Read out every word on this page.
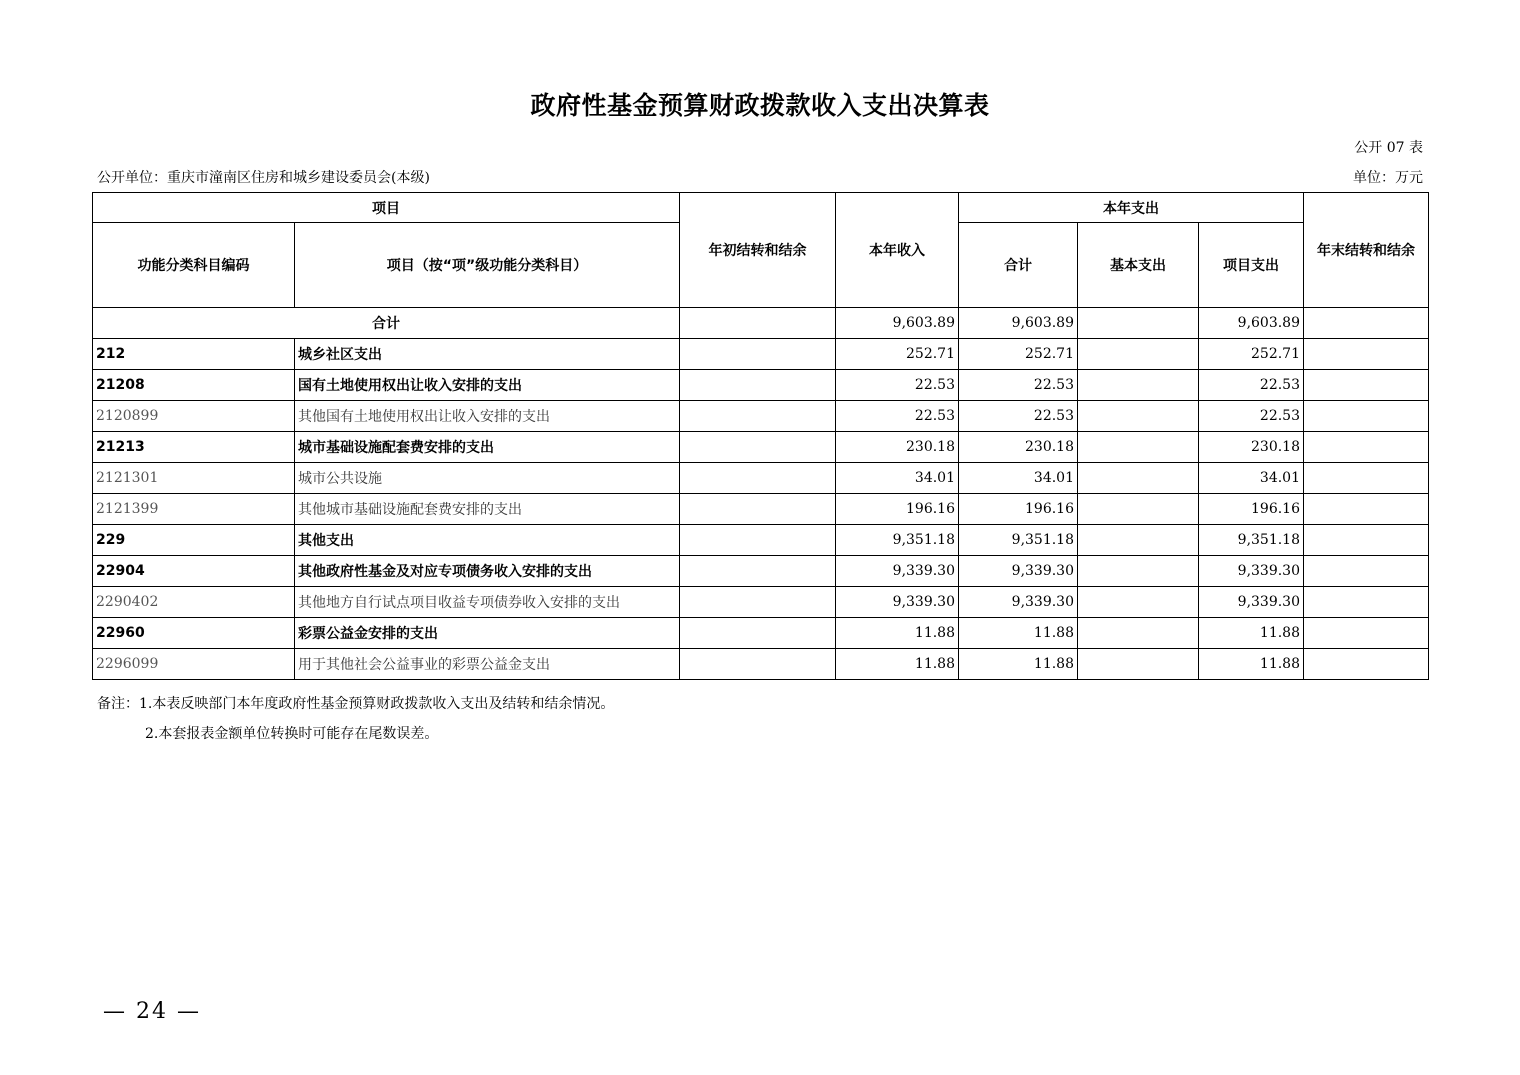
政府性基金预算财政拨款收入支出决算表
公开 07 表
公开单位：重庆市潼南区住房和城乡建设委员会(本级)	单位：万元
项目		年初结转和结余	本年收入	本年支出			年末结转和结余
功能分类科目编码	项目（按“项”级功能分类科目）			合计	基本支出	项目支出	
合计			9,603.89	9,603.89		9,603.89	
212	城乡社区支出		252.71	252.71		252.71	
21208	国有土地使用权出让收入安排的支出		22.53	22.53		22.53	
2120899	其他国有土地使用权出让收入安排的支出		22.53	22.53		22.53	
21213	城市基础设施配套费安排的支出		230.18	230.18		230.18	
2121301	城市公共设施		34.01	34.01		34.01	
2121399	其他城市基础设施配套费安排的支出		196.16	196.16		196.16	
229	其他支出		9,351.18	9,351.18		9,351.18	
22904	其他政府性基金及对应专项债务收入安排的支出		9,339.30	9,339.30		9,339.30	
2290402	其他地方自行试点项目收益专项债券收入安排的支出		9,339.30	9,339.30		9,339.30	
22960	彩票公益金安排的支出		11.88	11.88		11.88	
2296099	用于其他社会公益事业的彩票公益金支出		11.88	11.88		11.88	
备注：1.本表反映部门本年度政府性基金预算财政拨款收入支出及结转和结余情况。
2.本套报表金额单位转换时可能存在尾数误差。
— 24 —
